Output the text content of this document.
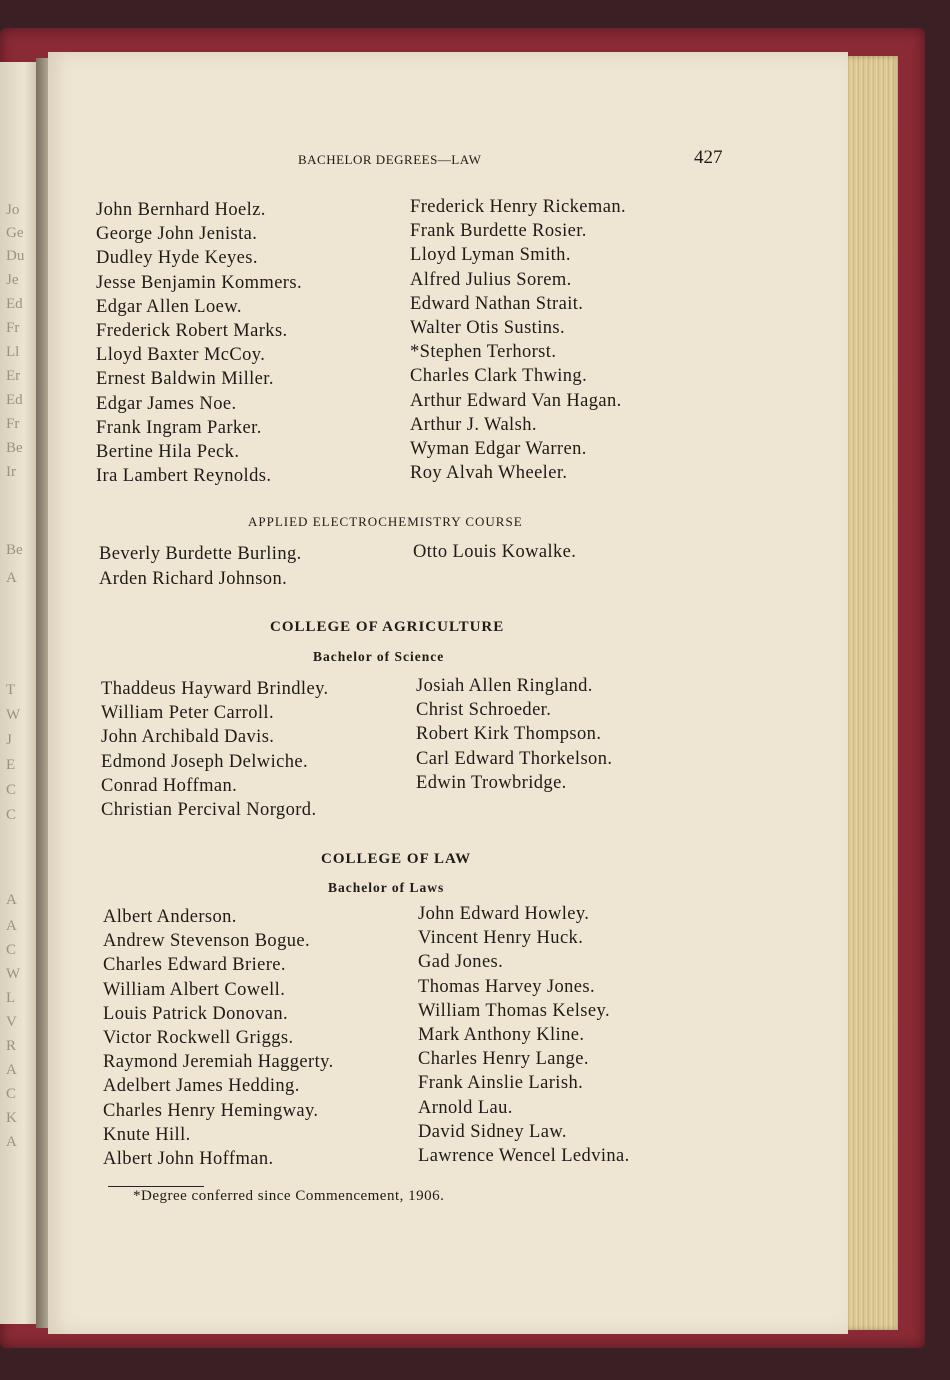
Jo
Ge
Du
Je
Ed
Fr
Ll
Er
Ed
Fr
Be
Ir
Be
A
T
W
J
E
C
C
A
A
C
W
L
V
R
A
C
K
A
BACHELOR DEGREES—LAW	427
APPLIED ELECTROCHEMISTRY COURSE
COLLEGE OF AGRICULTURE
Bachelor of Science
COLLEGE OF LAW
Bachelor of Laws
*Degree conferred since Commencement, 1906.
John Bernhard Hoelz.
George John Jenista.
Dudley Hyde Keyes.
Jesse Benjamin Kommers.
Edgar Allen Loew.
Frederick Robert Marks.
Lloyd Baxter McCoy.
Ernest Baldwin Miller.
Edgar James Noe.
Frank Ingram Parker.
Bertine Hila Peck.
Ira Lambert Reynolds.
Frederick Henry Rickeman.
Frank Burdette Rosier.
Lloyd Lyman Smith.
Alfred Julius Sorem.
Edward Nathan Strait.
Walter Otis Sustins.
*Stephen Terhorst.
Charles Clark Thwing.
Arthur Edward Van Hagan.
Arthur J. Walsh.
Wyman Edgar Warren.
Roy Alvah Wheeler.
Beverly Burdette Burling.
Arden Richard Johnson.
Otto Louis Kowalke.
Thaddeus Hayward Brindley.
William Peter Carroll.
John Archibald Davis.
Edmond Joseph Delwiche.
Conrad Hoffman.
Christian Percival Norgord.
Josiah Allen Ringland.
Christ Schroeder.
Robert Kirk Thompson.
Carl Edward Thorkelson.
Edwin Trowbridge.
Albert Anderson.
Andrew Stevenson Bogue.
Charles Edward Briere.
William Albert Cowell.
Louis Patrick Donovan.
Victor Rockwell Griggs.
Raymond Jeremiah Haggerty.
Adelbert James Hedding.
Charles Henry Hemingway.
Knute Hill.
Albert John Hoffman.
John Edward Howley.
Vincent Henry Huck.
Gad Jones.
Thomas Harvey Jones.
William Thomas Kelsey.
Mark Anthony Kline.
Charles Henry Lange.
Frank Ainslie Larish.
Arnold Lau.
David Sidney Law.
Lawrence Wencel Ledvina.
